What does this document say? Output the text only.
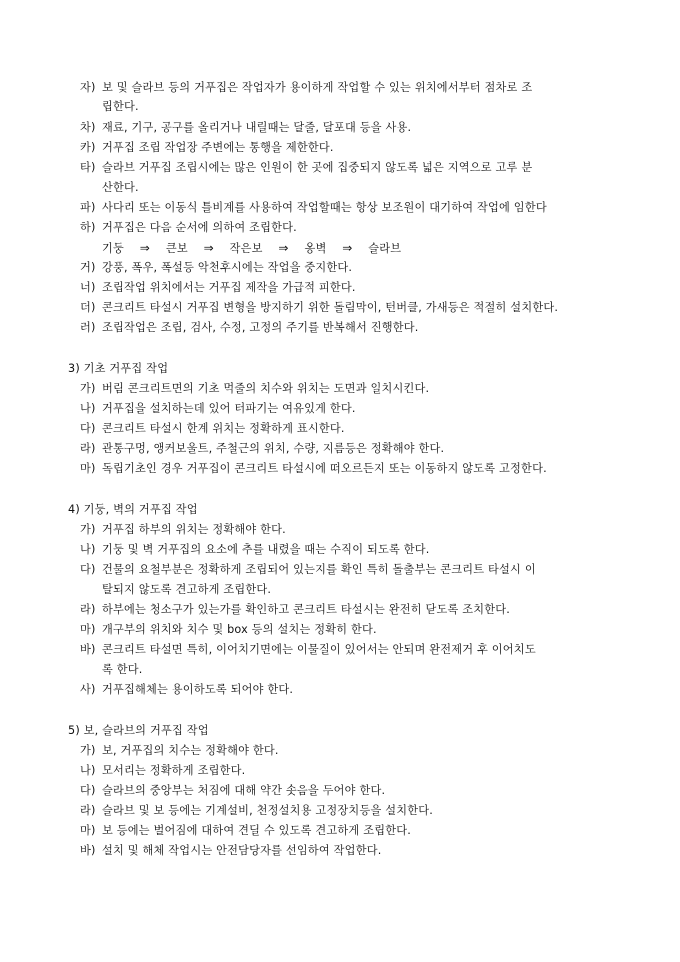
자) 보 및 슬라브 등의 거푸집은 작업자가 용이하게 작업할 수 있는 위치에서부터 점차로 조
립한다.
차) 재료, 기구, 공구를 올리거나 내릴때는 달줄, 달포대 등을 사용.
카) 거푸집 조립 작업장 주변에는 통행을 제한한다.
타) 슬라브 거푸집 조립시에는 많은 인원이 한 곳에 집중되지 않도록 넓은 지역으로 고루 분
산한다.
파) 사다리 또는 이동식 틀비계를 사용하여 작업할때는 항상 보조원이 대기하여 작업에 임한다
하) 거푸집은 다음 순서에 의하여 조립한다.
기둥 ⇒ 큰보 ⇒ 작은보 ⇒ 옹벽 ⇒ 슬라브
거) 강풍, 폭우, 폭설등 악천후시에는 작업을 중지한다.
너) 조립작업 위치에서는 거푸집 제작을 가급적 피한다.
더) 콘크리트 타설시 거푸집 변형을 방지하기 위한 돌림막이, 턴버클, 가새등은 적절히 설치한다.
러) 조립작업은 조립, 검사, 수정, 고정의 주기를 반복해서 진행한다.
3) 기초 거푸집 작업
가) 버림 콘크리트면의 기초 먹줄의 치수와 위치는 도면과 일치시킨다.
나) 거푸집을 설치하는데 있어 터파기는 여유있게 한다.
다) 콘크리트 타설시 한계 위치는 정확하게 표시한다.
라) 관통구멍, 앵커보울트, 주철근의 위치, 수량, 지름등은 정확해야 한다.
마) 독립기초인 경우 거푸집이 콘크리트 타설시에 떠오르든지 또는 이동하지 않도록 고정한다.
4) 기둥, 벽의 거푸집 작업
가) 거푸집 하부의 위치는 정확해야 한다.
나) 기둥 및 벽 거푸집의 요소에 추를 내렸을 때는 수직이 되도록 한다.
다) 건물의 요철부분은 정확하게 조립되어 있는지를 확인 특히 돌출부는 콘크리트 타설시 이
탈되지 않도록 견고하게 조립한다.
라) 하부에는 청소구가 있는가를 확인하고 콘크리트 타설시는 완전히 닫도록 조치한다.
마) 개구부의 위치와 치수 및 box 등의 설치는 정확히 한다.
바) 콘크리트 타설면 특히, 이어치기면에는 이물질이 있어서는 안되며 완전제거 후 이어치도
록 한다.
사) 거푸집해체는 용이하도록 되어야 한다.
5) 보, 슬라브의 거푸집 작업
가) 보, 거푸집의 치수는 정확해야 한다.
나) 모서리는 정확하게 조립한다.
다) 슬라브의 중앙부는 처짐에 대해 약간 솟음을 두어야 한다.
라) 슬라브 및 보 등에는 기계설비, 천정설치용 고정장치등을 설치한다.
마) 보 등에는 벌어짐에 대하여 견딜 수 있도록 견고하게 조립한다.
바) 설치 및 해체 작업시는 안전담당자를 선임하여 작업한다.
